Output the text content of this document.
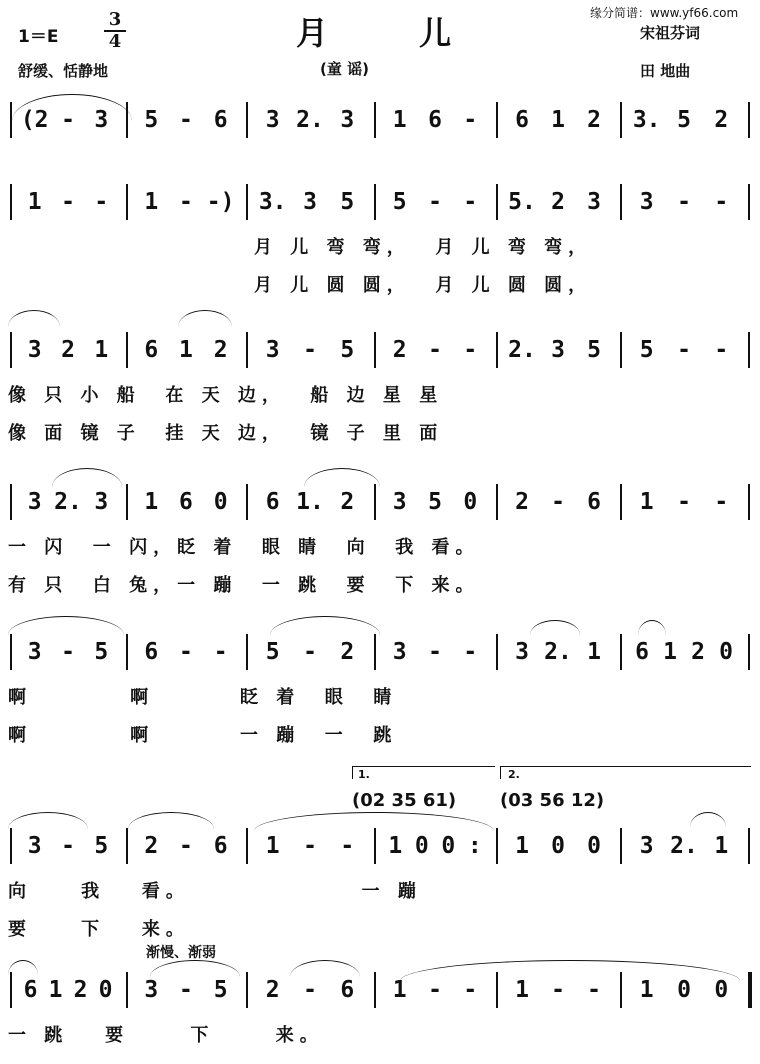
缘分简谱：www.yf66.com
1＝E	$\frac{3}{4}$	月 儿
(童 谣)
舒缓、恬静地
宋祖芬词
田 地曲
(2 - 3	5 - 6	3 2. 3	1 6 -	6 1 2	3. 5	2
1 - -	1 - -) 3. 3	5	5 - -	5. 2 3	3	-	-
月 儿 弯 弯，  月 儿 弯 弯，
月 儿 圆 圆，  月 儿 圆 圆，
3 2 1	6 1 2	3	-	5	2 - -	2. 3 5	5	-	-
像 只 小 船  在 天 边，  船 边 星 星
像 面 镜 子  挂 天 边，  镜 子 里 面
3 2. 3	1 6 0	6 1. 2	3 5 0	2 - 6	1	-	-
一 闪  一 闪，眨 着  眼 睛  向  我 看。
有 只  白 兔，一 蹦  一 跳  要  下 来。
3 - 5	6 - -	5	-	2	3 - -	3 2. 1	6 1 2 0
啊        啊       眨 着  眼  睛
啊        啊       一 蹦  一  跳
3 - 5	2 - 6	1	-	-	1 0 0 :	1 0 0	3 2. 1
向    我   看。              一 蹦
要    下   来。
1.	2.
(02 35 61) (03 56 12)
6 1 2 0	3 - 5	2	-	6	1 - -	1 - -	1	0	0
一 跳   要     下     来。
渐慢、渐弱
